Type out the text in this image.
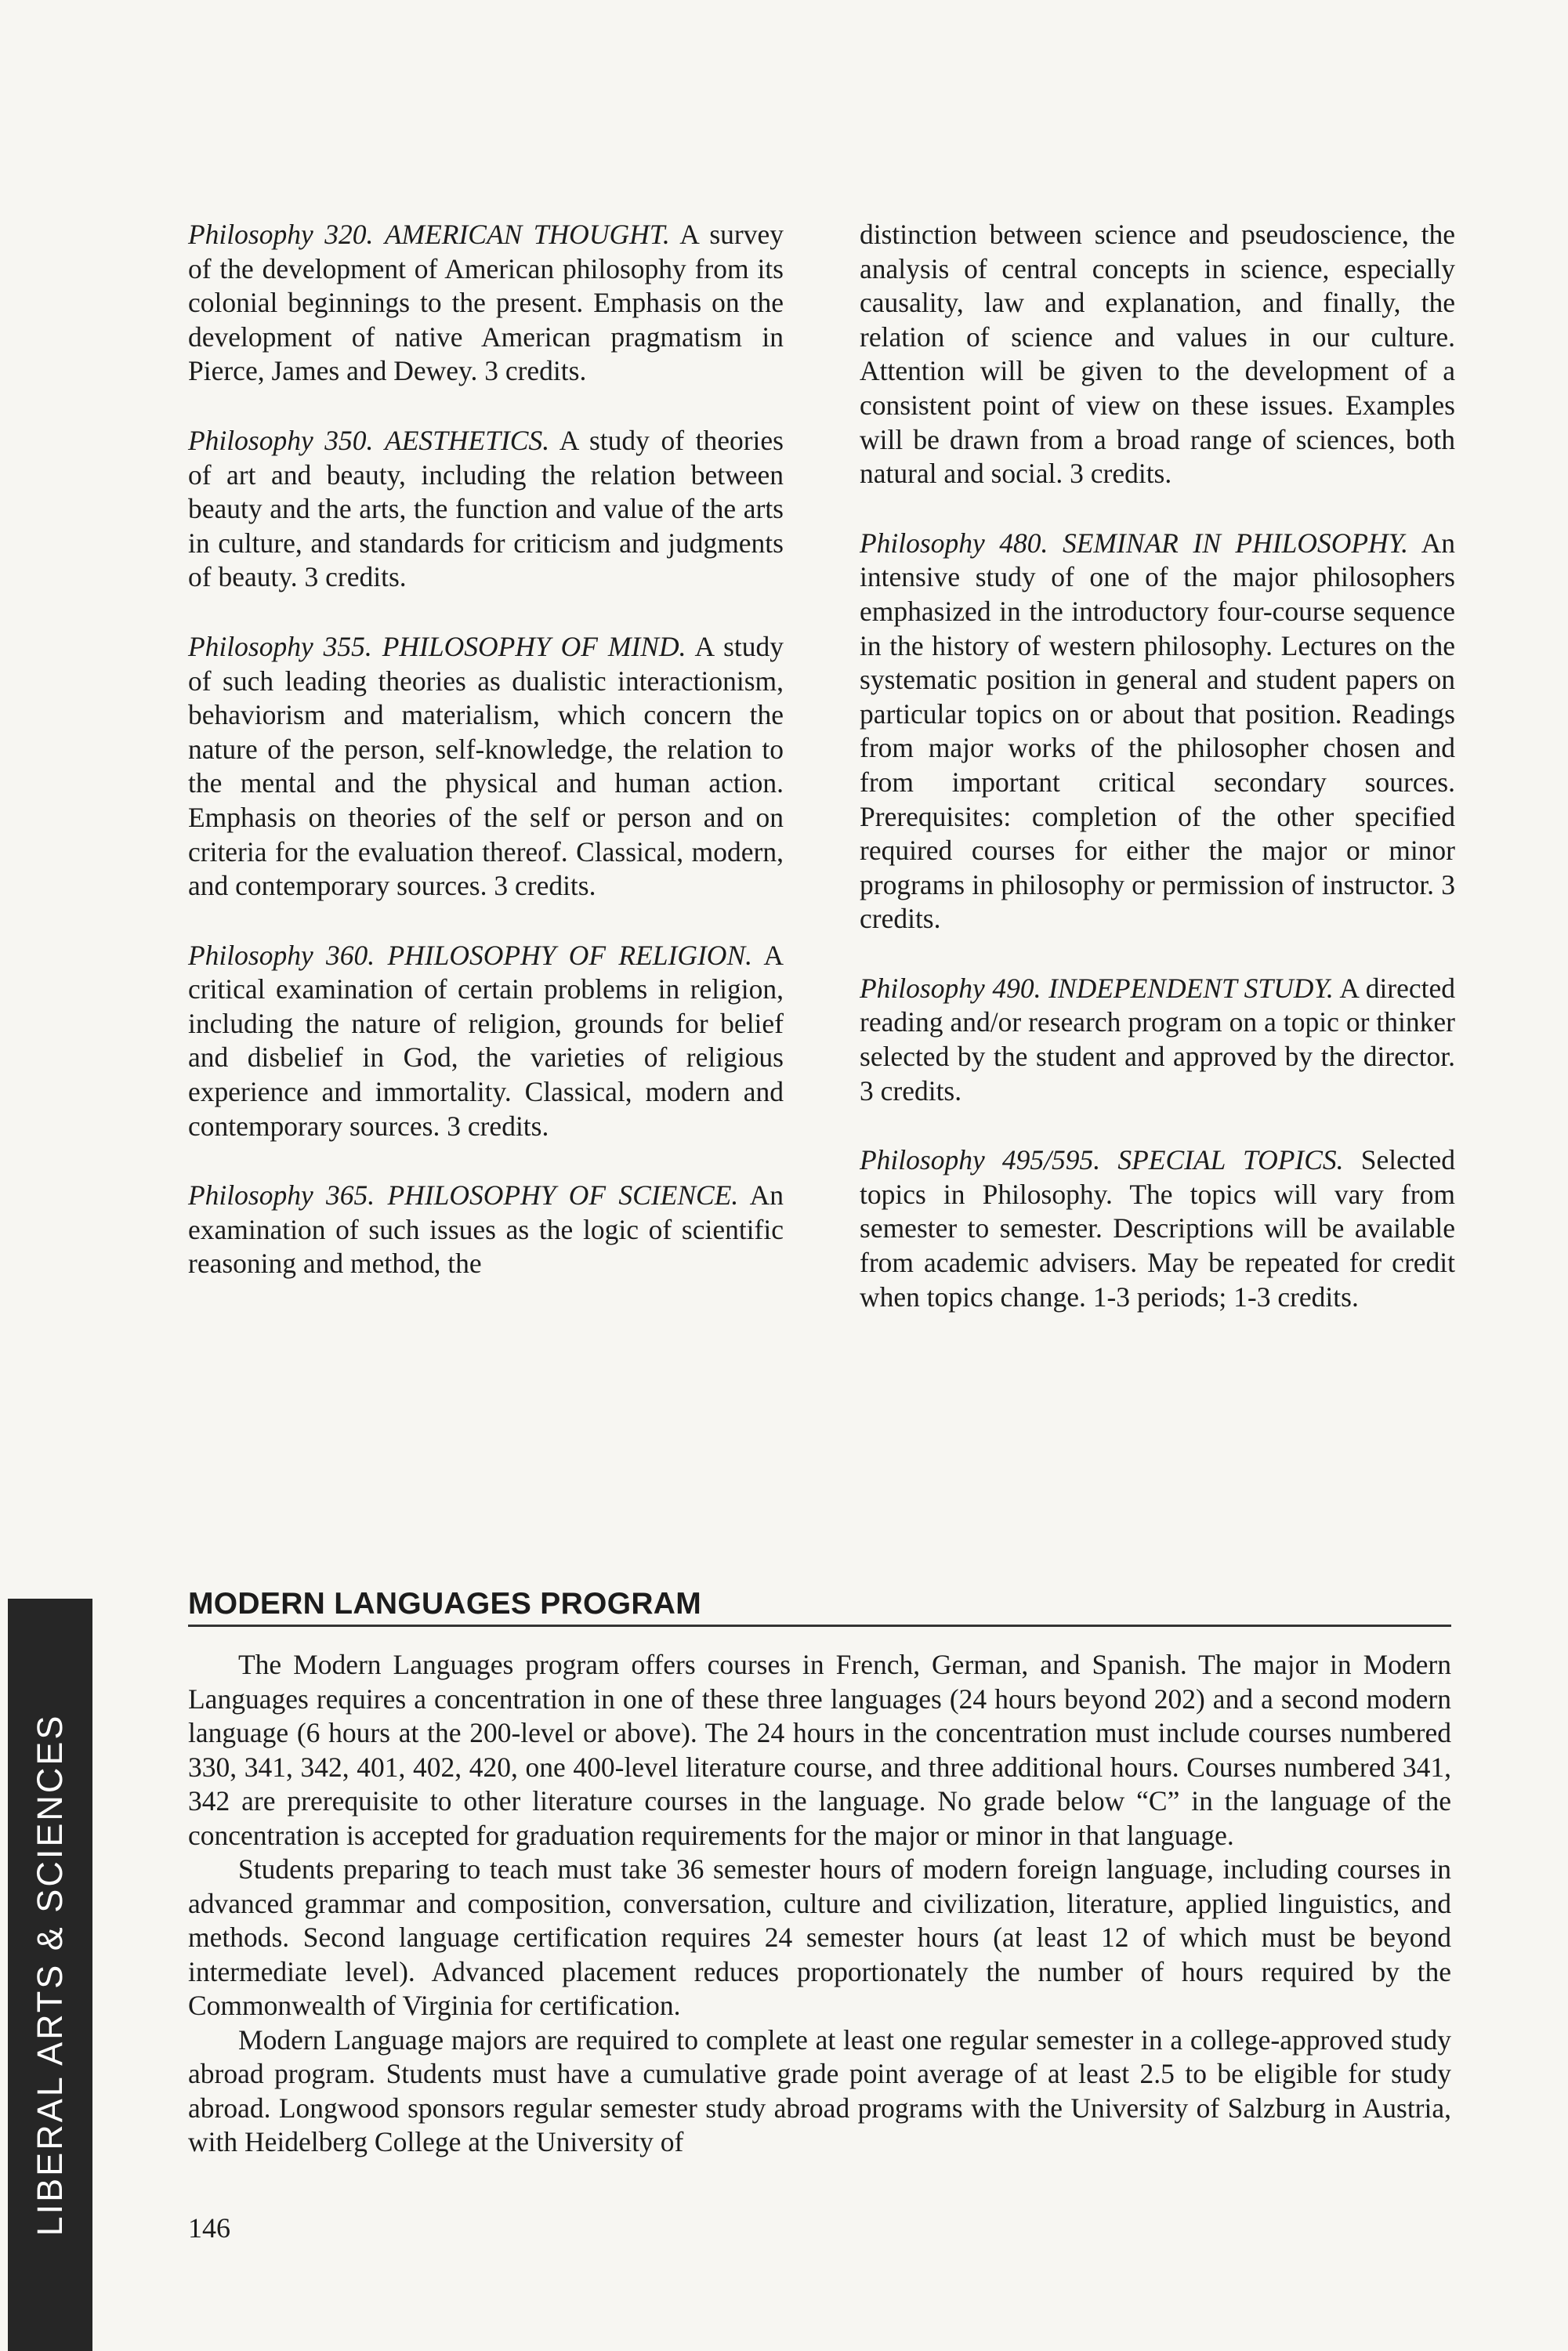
Philosophy 320. AMERICAN THOUGHT. A survey of the development of American philosophy from its colonial beginnings to the present. Emphasis on the development of native American pragmatism in Pierce, James and Dewey. 3 credits.
Philosophy 350. AESTHETICS. A study of theories of art and beauty, including the relation between beauty and the arts, the function and value of the arts in culture, and standards for criticism and judgments of beauty. 3 credits.
Philosophy 355. PHILOSOPHY OF MIND. A study of such leading theories as dualistic interactionism, behaviorism and materialism, which concern the nature of the person, self-knowledge, the relation to the mental and the physical and human action. Emphasis on theories of the self or person and on criteria for the evaluation thereof. Classical, modern, and contemporary sources. 3 credits.
Philosophy 360. PHILOSOPHY OF RELIGION. A critical examination of certain problems in religion, including the nature of religion, grounds for belief and disbelief in God, the varieties of religious experience and immortality. Classical, modern and contemporary sources. 3 credits.
Philosophy 365. PHILOSOPHY OF SCIENCE. An examination of such issues as the logic of scientific reasoning and method, the
distinction between science and pseudoscience, the analysis of central concepts in science, especially causality, law and explanation, and finally, the relation of science and values in our culture. Attention will be given to the development of a consistent point of view on these issues. Examples will be drawn from a broad range of sciences, both natural and social. 3 credits.
Philosophy 480. SEMINAR IN PHILOSOPHY. An intensive study of one of the major philosophers emphasized in the introductory four-course sequence in the history of western philosophy. Lectures on the systematic position in general and student papers on particular topics on or about that position. Readings from major works of the philosopher chosen and from important critical secondary sources. Prerequisites: completion of the other specified required courses for either the major or minor programs in philosophy or permission of instructor. 3 credits.
Philosophy 490. INDEPENDENT STUDY. A directed reading and/or research program on a topic or thinker selected by the student and approved by the director. 3 credits.
Philosophy 495/595. SPECIAL TOPICS. Selected topics in Philosophy. The topics will vary from semester to semester. Descriptions will be available from academic advisers. May be repeated for credit when topics change. 1-3 periods; 1-3 credits.
MODERN LANGUAGES PROGRAM

The Modern Languages program offers courses in French, German, and Spanish. The major in Modern Languages requires a concentration in one of these three languages (24 hours beyond 202) and a second modern language (6 hours at the 200-level or above). The 24 hours in the concentration must include courses numbered 330, 341, 342, 401, 402, 420, one 400-level literature course, and three additional hours. Courses numbered 341, 342 are prerequisite to other literature courses in the language. No grade below “C” in the language of the concentration is accepted for graduation requirements for the major or minor in that language.

Students preparing to teach must take 36 semester hours of modern foreign language, including courses in advanced grammar and composition, conversation, culture and civilization, literature, applied linguistics, and methods. Second language certification requires 24 semester hours (at least 12 of which must be beyond intermediate level). Advanced placement reduces proportionately the number of hours required by the Commonwealth of Virginia for certification.

Modern Language majors are required to complete at least one regular semester in a college-approved study abroad program. Students must have a cumulative grade point average of at least 2.5 to be eligible for study abroad. Longwood sponsors regular semester study abroad programs with the University of Salzburg in Austria, with Heidelberg College at the University of

LIBERAL ARTS & SCIENCES	146
